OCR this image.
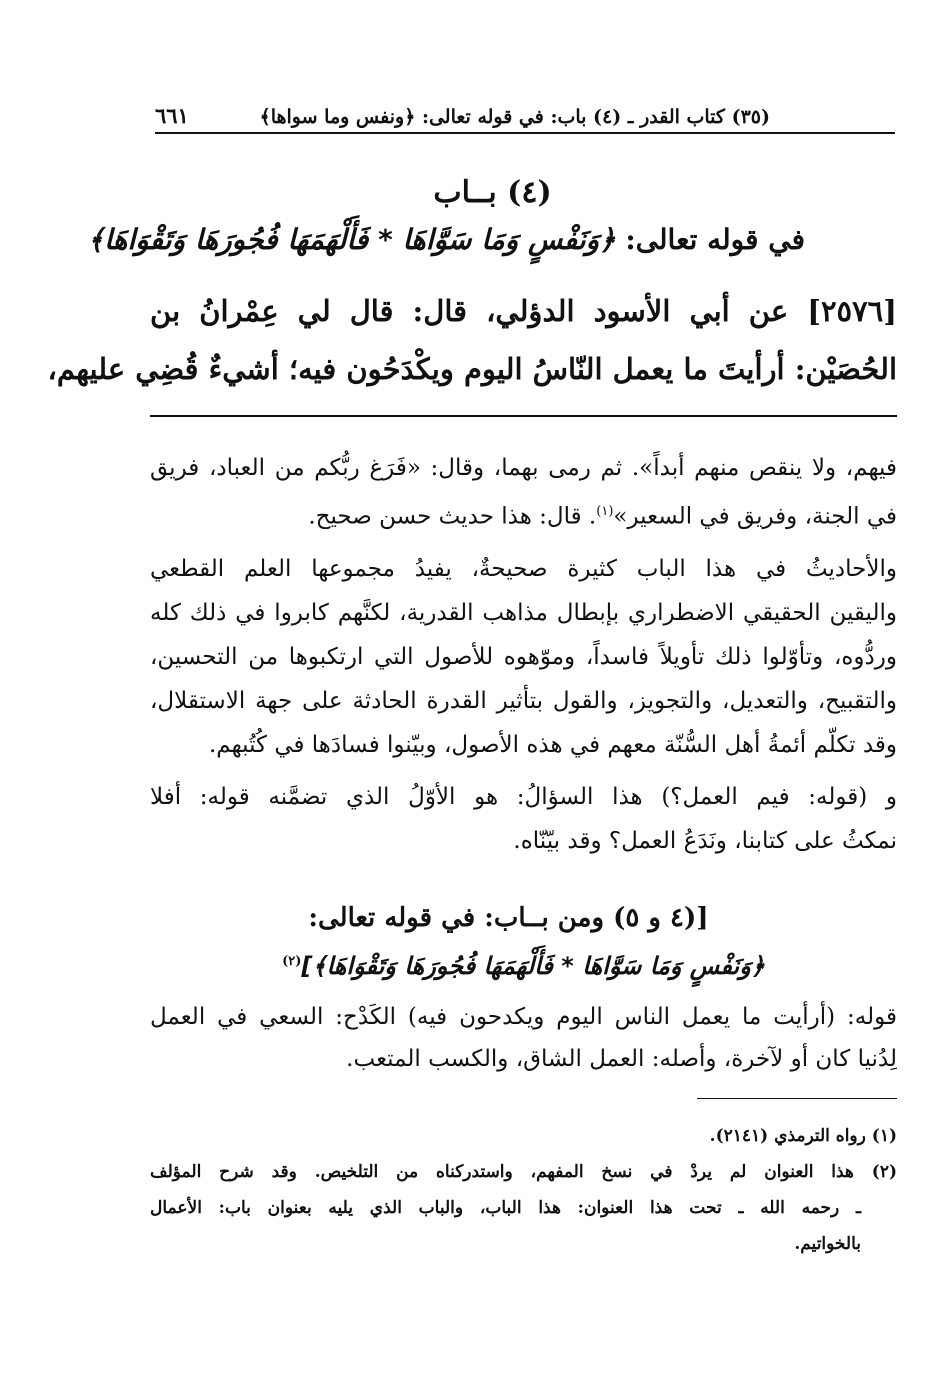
(٣٥) كتاب القدر ـ (٤) باب: في قوله تعالى: ﴿ونفس وما سواها﴾
٦٦١
(٤) بــاب
في قوله تعالى: ﴿وَنَفْسٍ وَمَا سَوَّاهَا * فَأَلْهَمَهَا فُجُورَهَا وَتَقْوَاهَا﴾

[٢٥٧٦] عن أبي الأسود الدؤلي، قال: قال لي عِمْرانُ بن

الحُصَيْن: أرأيتَ ما يعمل النّاسُ اليوم ويكْدَحُون فيه؛ أشيءٌ قُضِي عليهم،

فيهم، ولا ينقص منهم أبداً». ثم رمى بهما، وقال: «فَرَغ ربُّكم من العباد، فريق

في الجنة، وفريق في السعير»$^{(١)}$. قال: هذا حديث حسن صحيح.

والأحاديثُ في هذا الباب كثيرة صحيحةٌ، يفيدُ مجموعها العلم القطعي

واليقين الحقيقي الاضطراري بإبطال مذاهب القدرية، لكنَّهم كابروا في ذلك كله

وردُّوه، وتأوّلوا ذلك تأويلاً فاسداً، وموّهوه للأصول التي ارتكبوها من التحسين،

والتقبيح، والتعديل، والتجويز، والقول بتأثير القدرة الحادثة على جهة الاستقلال،

وقد تكلّم أئمةُ أهل السُّنّة معهم في هذه الأصول، وبيّنوا فسادَها في كُتُبهم.

و (قوله: فيم العمل؟) هذا السؤالُ: هو الأوّلُ الذي تضمَّنه قوله: أفلا

نمكثُ على كتابنا، ونَدَعُ العمل؟ وقد بيّنّاه.

[(٤ و ٥) ومن بــاب: في قوله تعالى:
﴿وَنَفْسٍ وَمَا سَوَّاهَا * فَأَلْهَمَهَا فُجُورَهَا وَتَقْوَاهَا﴾]$^{(٢)}$

قوله: (أرأيت ما يعمل الناس اليوم ويكدحون فيه) الكَدْح: السعي في العمل

لِدُنيا كان أو لآخرة، وأصله: العمل الشاق، والكسب المتعب.

(١) رواه الترمذي (٢١٤١).

(٢) هذا العنوان لم يردْ في نسخ المفهم، واستدركناه من التلخيص. وقد شرح المؤلف

ـ رحمه الله ـ تحت هذا العنوان: هذا الباب، والباب الذي يليه بعنوان باب: الأعمال

بالخواتيم.
